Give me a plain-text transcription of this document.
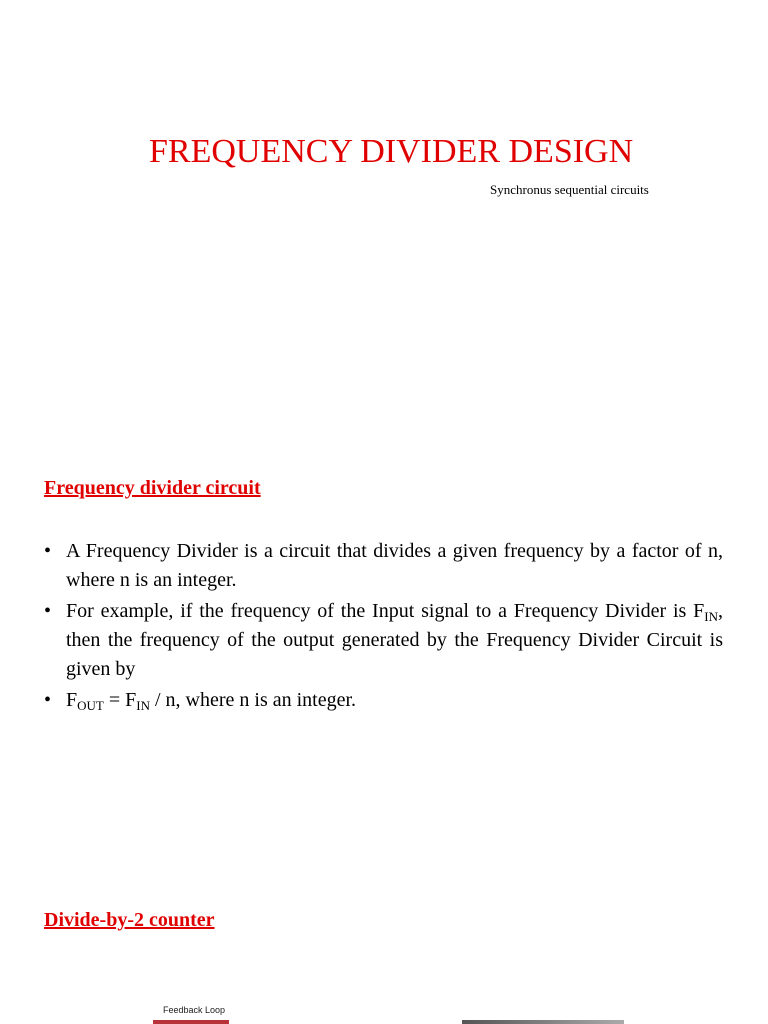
FREQUENCY DIVIDER DESIGN
Synchronus sequential circuits
Frequency divider circuit
• A Frequency Divider is a circuit that divides a given frequency by a factor of n, where n is an integer.
• For example, if the frequency of the Input signal to a Frequency Divider is $F_{IN}$, then the frequency of the output generated by the Frequency Divider Circuit is given by
• $F_{OUT} = F_{IN} / n$, where n is an integer.
Divide-by-2 counter
Feedback Loop
